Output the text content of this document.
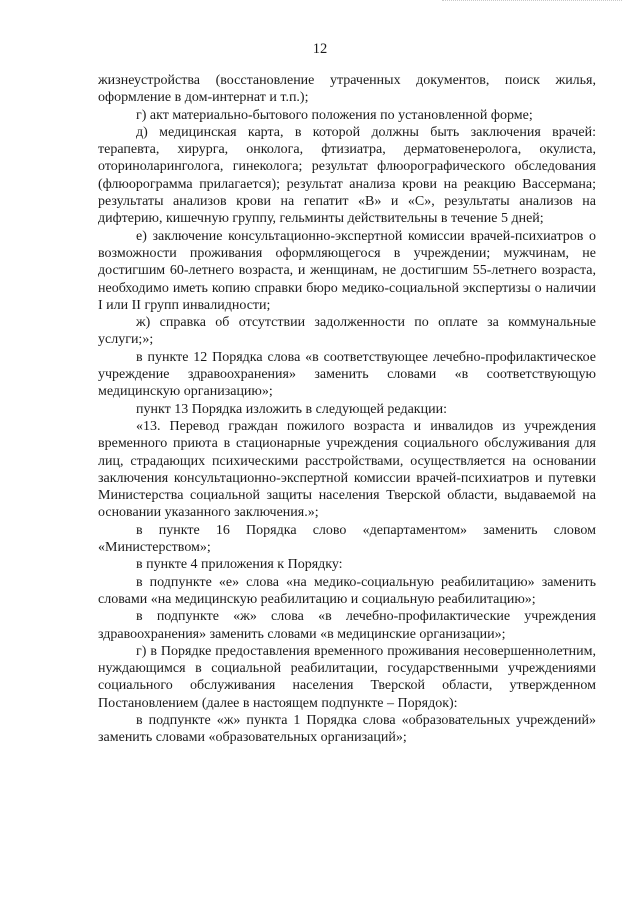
12

жизнеустройства (восстановление утраченных документов, поиск жилья, оформление в дом-интернат и т.п.);

г) акт материально-бытового положения по установленной форме;

д) медицинская карта, в которой должны быть заключения врачей: терапевта, хирурга, онколога, фтизиатра, дерматовенеролога, окулиста, оториноларинголога, гинеколога; результат флюорографического обследования (флюорограмма прилагается); результат анализа крови на реакцию Вассермана; результаты анализов крови на гепатит «В» и «С», результаты анализов на дифтерию, кишечную группу, гельминты действительны в течение 5 дней;

е) заключение консультационно-экспертной комиссии врачей-психиатров о возможности проживания оформляющегося в учреждении; мужчинам, не достигшим 60-летнего возраста, и женщинам, не достигшим 55-летнего возраста, необходимо иметь копию справки бюро медико-социальной экспертизы о наличии I или II групп инвалидности;

ж) справка об отсутствии задолженности по оплате за коммунальные услуги;»;

в пункте 12 Порядка слова «в соответствующее лечебно-профилактическое учреждение здравоохранения» заменить словами «в соответствующую медицинскую организацию»;

пункт 13 Порядка изложить в следующей редакции:

«13. Перевод граждан пожилого возраста и инвалидов из учреждения временного приюта в стационарные учреждения социального обслуживания для лиц, страдающих психическими расстройствами, осуществляется на основании заключения консультационно-экспертной комиссии врачей-психиатров и путевки Министерства социальной защиты населения Тверской области, выдаваемой на основании указанного заключения.»;

в пункте 16 Порядка слово «департаментом» заменить словом «Министерством»;

в пункте 4 приложения к Порядку:

в подпункте «е» слова «на медико-социальную реабилитацию» заменить словами «на медицинскую реабилитацию и социальную реабилитацию»;

в подпункте «ж» слова «в лечебно-профилактические учреждения здравоохранения» заменить словами «в медицинские организации»;

г) в Порядке предоставления временного проживания несовершеннолетним, нуждающимся в социальной реабилитации, государственными учреждениями социального обслуживания населения Тверской области, утвержденном Постановлением (далее в настоящем подпункте – Порядок):

в подпункте «ж» пункта 1 Порядка слова «образовательных учреждений» заменить словами «образовательных организаций»;
